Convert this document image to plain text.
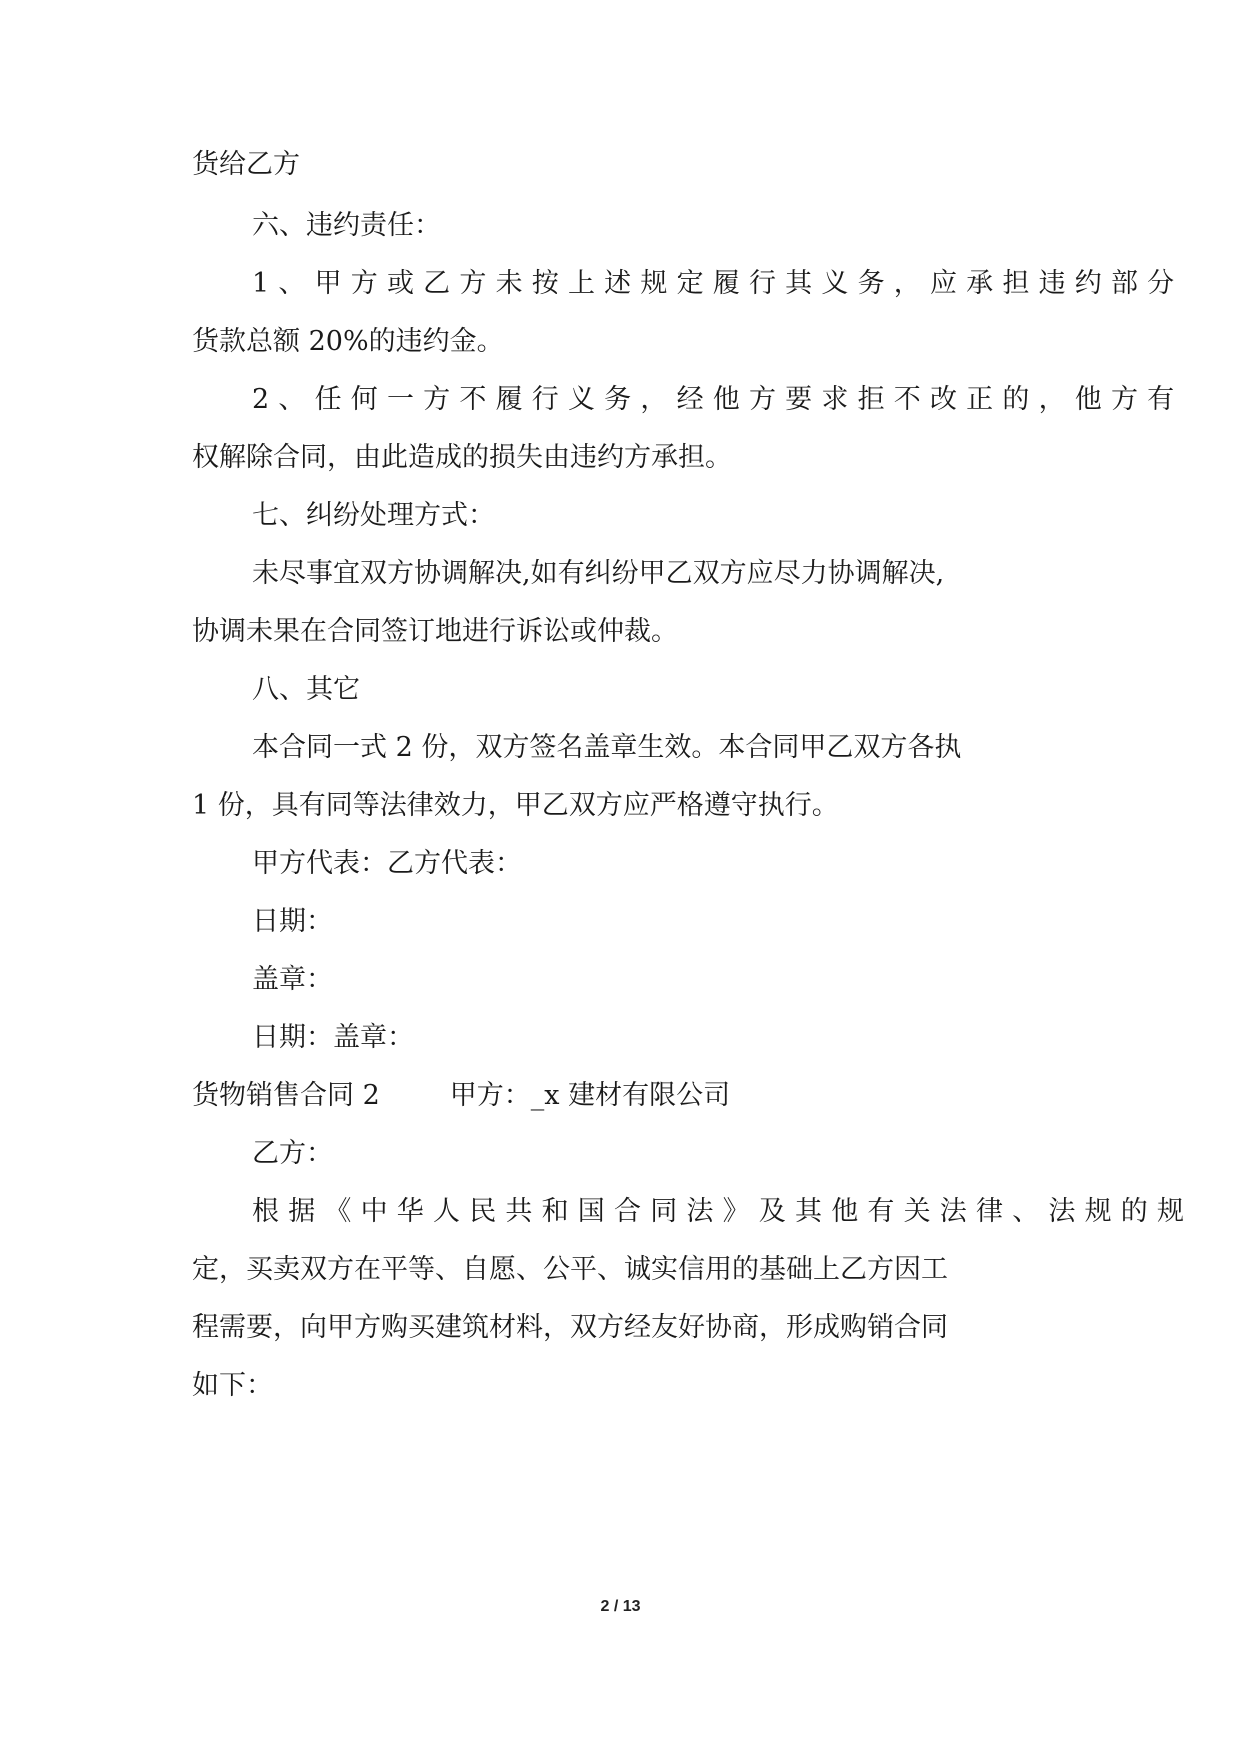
货给乙方
六、违约责任：
1、甲方或乙方未按上述规定履行其义务，应承担违约部分
货款总额 20%的违约金。
2、任何一方不履行义务，经他方要求拒不改正的，他方有
权解除合同，由此造成的损失由违约方承担。
七、纠纷处理方式：
未尽事宜双方协调解决,如有纠纷甲乙双方应尽力协调解决,
协调未果在合同签订地进行诉讼或仲裁。
八、其它
本合同一式 2 份，双方签名盖章生效。本合同甲乙双方各执
1 份，具有同等法律效力，甲乙双方应严格遵守执行。
甲方代表：乙方代表：
日期：
盖章：
日期：盖章：
货物销售合同 2	甲方：_x 建材有限公司
乙方：
根据《中华人民共和国合同法》及其他有关法律、法规的规
定，买卖双方在平等、自愿、公平、诚实信用的基础上乙方因工
程需要，向甲方购买建筑材料，双方经友好协商，形成购销合同
如下：
2 / 13
